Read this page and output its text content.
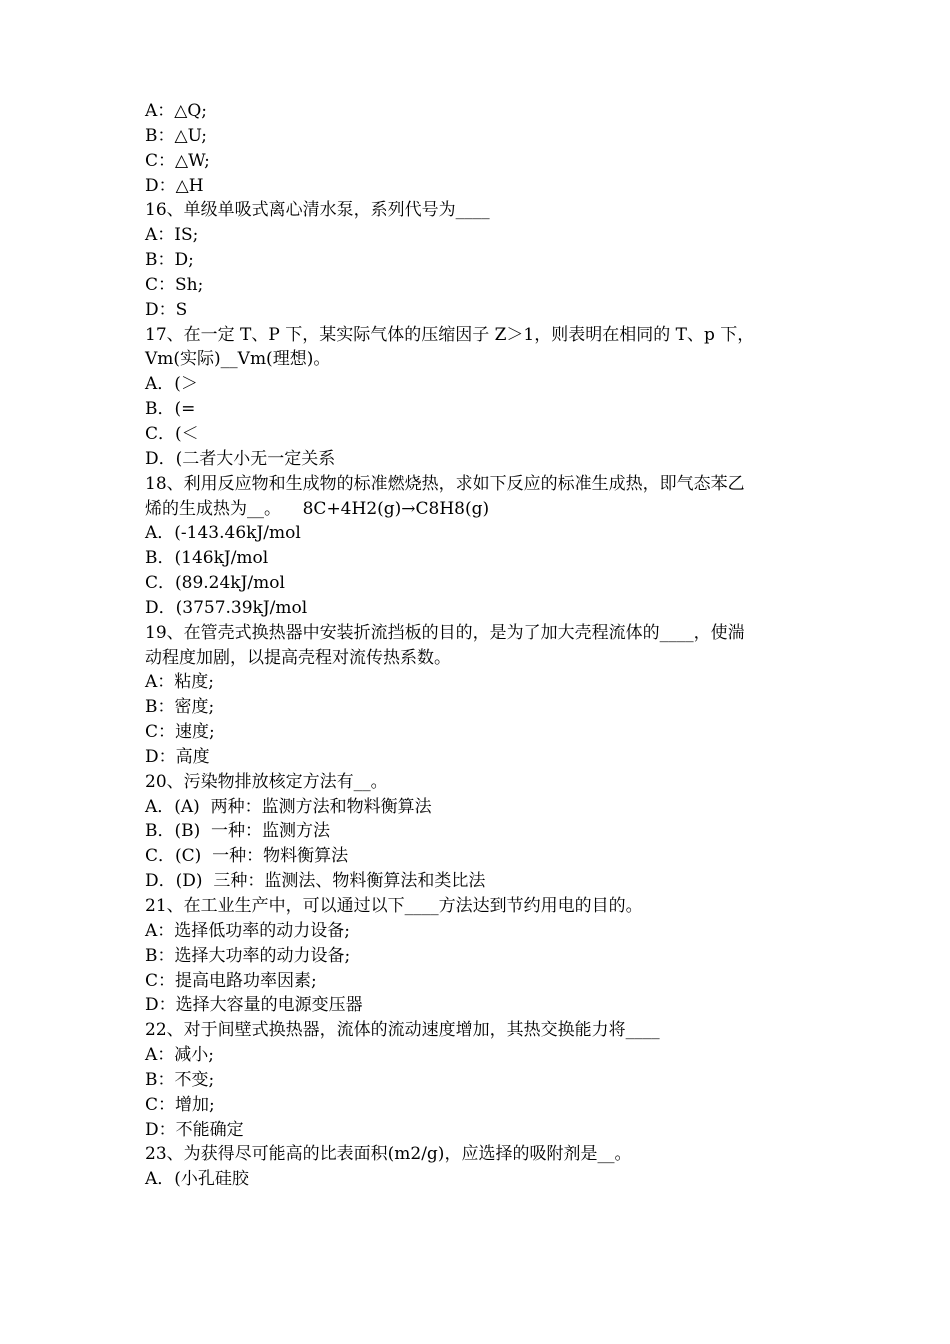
A：△Q;
B：△U;
C：△W;
D：△H
16、单级单吸式离心清水泵，系列代号为____
A：IS;
B：D;
C：Sh;
D：S
17、在一定 T、P 下，某实际气体的压缩因子 Z＞1，则表明在相同的 T、p 下，
Vm(实际)__Vm(理想)。
A．(＞
B．(=
C．(＜
D．(二者大小无一定关系
18、利用反应物和生成物的标准燃烧热，求如下反应的标准生成热，即气态苯乙
烯的生成热为__。    8C+4H2(g)→C8H8(g)
A．(-143.46kJ/mol
B．(146kJ/mol
C．(89.24kJ/mol
D．(3757.39kJ/mol
19、在管壳式换热器中安装折流挡板的目的，是为了加大壳程流体的____，使湍
动程度加剧，以提高壳程对流传热系数。
A：粘度;
B：密度;
C：速度;
D：高度
20、污染物排放核定方法有__。
A．(A)  两种：监测方法和物料衡算法
B．(B)  一种：监测方法
C．(C)  一种：物料衡算法
D．(D)  三种：监测法、物料衡算法和类比法
21、在工业生产中，可以通过以下____方法达到节约用电的目的。
A：选择低功率的动力设备;
B：选择大功率的动力设备;
C：提高电路功率因素;
D：选择大容量的电源变压器
22、对于间壁式换热器，流体的流动速度增加，其热交换能力将____
A：减小;
B：不变;
C：增加;
D：不能确定
23、为获得尽可能高的比表面积(m2/g)，应选择的吸附剂是__。
A．(小孔硅胶
